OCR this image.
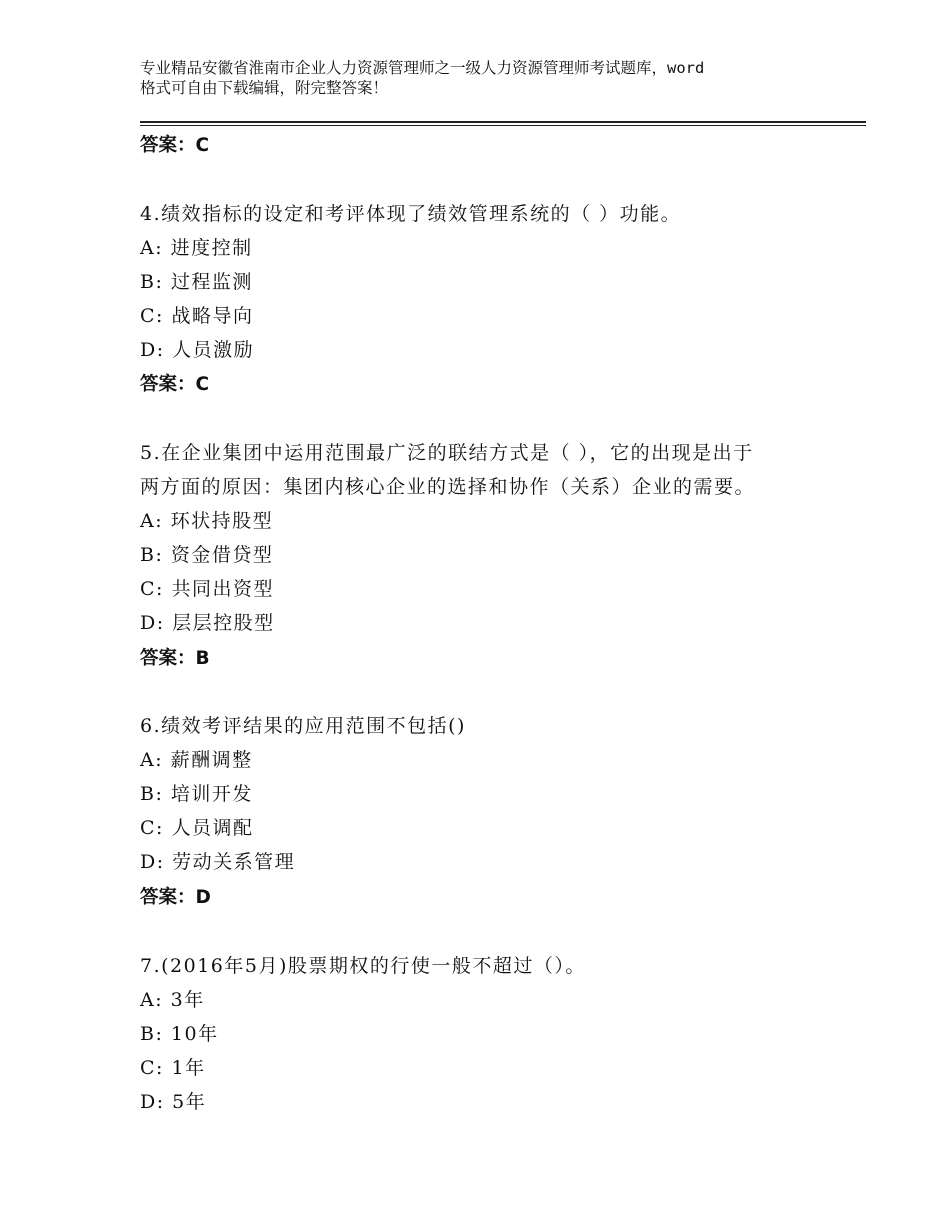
专业精品安徽省淮南市企业人力资源管理师之一级人力资源管理师考试题库，word
格式可自由下载编辑，附完整答案！
答案：C
4.绩效指标的设定和考评体现了绩效管理系统的（ ）功能。
A: 进度控制
B: 过程监测
C: 战略导向
D: 人员激励
答案：C
5.在企业集团中运用范围最广泛的联结方式是（ ），它的出现是出于
两方面的原因：集团内核心企业的选择和协作（关系）企业的需要。
A: 环状持股型
B: 资金借贷型
C: 共同出资型
D: 层层控股型
答案：B
6.绩效考评结果的应用范围不包括()
A: 薪酬调整
B: 培训开发
C: 人员调配
D: 劳动关系管理
答案：D
7.(2016年5月)股票期权的行使一般不超过（）。
A: 3年
B: 10年
C: 1年
D: 5年
